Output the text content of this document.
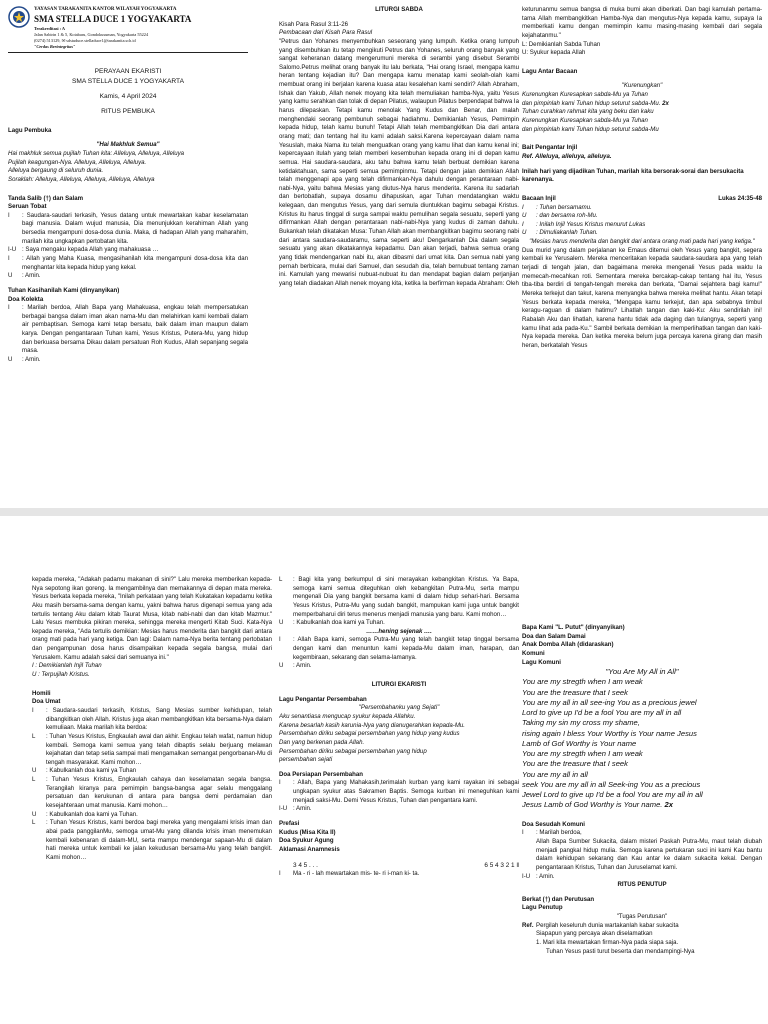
YAYASAN TARAKANITA KANTOR WILAYAH YOGYAKARTA
SMA STELLA DUCE 1 YOGYAKARTA
Terakreditasi : A
Jalan Sabirin 1 & 5, Kotabaru, Gondokusuman, Yogyakarta 55224
(0274) 513129, ✉ sdstuduce.stelladuce1@tarakanita.sch.id
"Cerdas Berintegritas"

PERAYAAN EKARISTI

SMA STELLA DUCE 1 YOGYAKARTA

Kamis, 4 April 2024

RITUS PEMBUKA

Lagu Pembuka

"Hai Makhluk Semua"

Hai makhluk semua pujilah Tuhan kita: Alleluya, Alleluya, Alleluya

Pujilah keagungan-Nya. Alleluya, Alleluya, Alleluya.

Alleluya bergaung di seluruh dunia.

Soraklah: Alleluya, Alleluya, Alleluya, Alleluya, Alleluya

Tanda Salib (†) dan Salam

Seruan Tobat

I	: Saudara-saudari terkasih, Yesus datang untuk mewartakan kabar keselamatan bagi manusia. Dalam wujud manusia, Dia menunjukkan kerahiman Allah yang bersedia mengampuni dosa-dosa dunia. Maka, di hadapan Allah yang maharahim, marilah kita ungkapkan pertobatan kita.
I-U : Saya mengaku kepada Allah yang mahakuasa …
I	: Allah yang Maha Kuasa, mengasihanilah kita mengampuni dosa-dosa kita dan menghantar kita kepada hidup yang kekal.
U	: Amin.

Tuhan Kasihanilah Kami (dinyanyikan)

Doa Kolekta

I	: Marilah berdoa, Allah Bapa yang Mahakuasa, engkau telah mempersatukan berbagai bangsa dalam iman akan nama-Mu dan melahirkan kami kembali dalam air pembaptisan. Semoga kami tetap bersatu, baik dalam iman maupun dalam karya. Dengan pengantaraan Tuhan kami, Yesus Kristus, Putera-Mu, yang hidup dan berkuasa bersama Dikau dalam persatuan Roh Kudus, Allah sepanjang segala masa.
U	: Amin.

LITURGI SABDA

Kisah Para Rasul 3:11-26

Pembacaan dari Kisah Para Rasul

"Petrus dan Yohanes menyembuhkan seseorang yang lumpuh. Ketika orang lumpuh yang disembuhkan itu tetap mengikuti Petrus dan Yohanes, seluruh orang banyak yang sangat keheranan datang mengerumuni mereka di serambi yang disebut Serambi Salomo.Petrus melihat orang banyak itu lalu berkata, "Hai orang Israel, mengapa kamu heran tentang kejadian itu? Dan mengapa kamu menatap kami seolah-olah kami membuat orang ini berjalan karena kuasa atau kesalehan kami sendiri? Allah Abraham, Ishak dan Yakub, Allah nenek moyang kita telah memuliakan hamba-Nya, yaitu Yesus yang kamu serahkan dan tolak di depan Pilatus, walaupun Pilatus berpendapat bahwa Ia harus dilepaskan. Tetapi kamu menolak Yang Kudus dan Benar, dan malah menghendaki seorang pembunuh sebagai hadiahmu. Demikianlah Yesus, Pemimpin kepada hidup, telah kamu bunuh! Tetapi Allah telah membangkitkan Dia dari antara orang mati; dan tentang hal itu kami adalah saksi.Karena kepercayaan dalam nama Yesuslah, maka Nama itu telah menguatkan orang yang kamu lihat dan kamu kenal ini; kepercayaan itulah yang telah memberi kesembuhan kepada orang ini di depan kamu semua. Hai saudara-saudara, aku tahu bahwa kamu telah berbuat demikian karena ketidaktahuan, sama seperti semua pemimpinmu. Tetapi dengan jalan demikian Allah telah menggenapi apa yang telah difirmankan-Nya dahulu dengan perantaraan nabi-nabi-Nya, yaitu bahwa Mesias yang diutus-Nya harus menderita. Karena itu sadarlah dan bertobatlah, supaya dosamu dihapuskan, agar Tuhan mendatangkan waktu kelegaan, dan mengutus Yesus, yang dari semula diuntukkan bagimu sebagai Kristus. Kristus itu harus tinggal di surga sampai waktu pemulihan segala sesuatu, seperti yang difirmankan Allah dengan perantaraan nabi-nabi-Nya yang kudus di zaman dahulu. Bukankah telah dikatakan Musa: Tuhan Allah akan membangkitkan bagimu seorang nabi dari antara saudara-saudaramu, sama seperti aku! Dengarkanlah Dia dalam segala sesuatu yang akan dikatakannya kepadamu. Dan akan terjadi, bahwa semua orang yang tidak mendengarkan nabi itu, akan dibasmi dari umat kita. Dan semua nabi yang pernah berbicara, mulai dari Samuel, dan sesudah dia, telah bernubuat tentang zaman ini. Kamulah yang mewarisi nubuat-nubuat itu dan mendapat bagian dalam perjanjian yang telah diadakan Allah nenek moyang kita, ketika Ia berfirman kepada Abraham: Oleh

keturunanmu semua bangsa di muka bumi akan diberkati. Dan bagi kamulah pertama-tama Allah membangkitkan Hamba-Nya dan mengutus-Nya kepada kamu, supaya Ia memberkati kamu dengan memimpin kamu masing-masing kembali dari segala kejahatanmu."

L: Demikianlah Sabda Tuhan

U: Syukur kepada Allah

Lagu Antar Bacaan

"Kurenungkan"

Kurenungkan Kuresapkan sabda-Mu ya Tuhan

dan pimpinlah kami Tuhan hidup seturut sabda-Mu. 2x

Tuhan curahkan rahmat kita yang beku dan kaku

Kurenungkan Kuresapkan sabda-Mu ya Tuhan

dan pimpinlah kami Tuhan hidup seturut sabda-Mu

Bait Pengantar Injil

Ref. Alleluya, alleluya, alleluya.

Inilah hari yang dijadikan Tuhan, marilah kita bersorak-sorai dan bersukacita karenanya.

Bacaan Injil	Lukas 24:35-48
I	: Tuhan bersamamu.
U	: dan bersama roh-Mu.
I	: Inilah Injil Yesus Kristus menurut Lukas
U	: Dimuliakanlah Tuhan.

"Mesias harus menderita dan bangkit dari antara orang mati pada hari yang ketiga."

Dua murid yang dalam perjalanan ke Emaus ditemui oleh Yesus yang bangkit, segera kembali ke Yerusalem. Mereka menceritakan kepada saudara-saudara apa yang telah terjadi di tengah jalan, dan bagaimana mereka mengenali Yesus pada waktu Ia memecah-mecahkan roti. Sementara mereka bercakap-cakap tentang hal itu, Yesus tiba-tiba berdiri di tengah-tengah mereka dan berkata, "Damai sejahtera bagi kamu!" Mereka terkejut dan takut, karena menyangka bahwa mereka melihat hantu. Akan tetapi Yesus berkata kepada mereka, "Mengapa kamu terkejut, dan apa sebabnya timbul keragu-raguan di dalam hatimu? Lihatlah tangan dan kaki-Ku: Aku sendirilah ini! Rabalah Aku dan lihatlah, karena hantu tidak ada daging dan tulangnya, seperti yang kamu lihat ada pada-Ku." Sambil berkata demikian Ia memperlihatkan tangan dan kaki-Nya kepada mereka. Dan ketika mereka belum juga percaya karena girang dan masih heran, berkatalah Yesus

kepada mereka, "Adakah padamu makanan di sini?" Lalu mereka memberikan kepada-Nya sepotong ikan goreng. Ia mengambilnya dan memakannya di depan mata mereka. Yesus berkata kepada mereka, "Inilah perkataan yang telah Kukatakan kepadamu ketika Aku masih bersama-sama dengan kamu, yakni bahwa harus digenapi semua yang ada tertulis tentang Aku dalam kitab Taurat Musa, kitab nabi-nabi dan dan kitab Mazmur." Lalu Yesus membuka pikiran mereka, sehingga mereka mengerti Kitab Suci. Kata-Nya kepada mereka, "Ada tertulis demikian: Mesias harus menderita dan bangkit dari antara orang mati pada hari yang ketiga. Dan lagi: Dalam nama-Nya berita tentang pertobatan dan pengampunan dosa harus disampaikan kepada segala bangsa, mulai dari Yerusalem. Kamu adalah saksi dari semuanya ini."

I : Demikianlah Injil Tuhan

U : Terpujilah Kristus.

Homili

Doa Umat

I	: Saudara-saudari terkasih, Kristus, Sang Mesias sumber kehidupan, telah dibangkitkan oleh Allah. Kristus juga akan membangkitkan kita bersama-Nya dalam kemuliaan. Maka marilah kita berdoa:
L	: Tuhan Yesus Kristus, Engkaulah awal dan akhir. Engkau telah wafat, namun hidup kembali. Semoga kami semua yang telah dibaptis selalu berjuang melawan kejahatan dan tetap setia sampai mati mengamalkan semangat pengorbanan-Mu di tengah masyarakat. Kami mohon…
U	: Kabulkanlah doa kami ya Tuhan
L	: Tuhan Yesus Kristus, Engkaulah cahaya dan keselamatan segala bangsa. Terangilah kiranya para pemimpin bangsa-bangsa agar selalu menggalang persatuan dan kerukunan di antara para bangsa demi perdamaian dan kesejahteraan umat manusia. Kami mohon…
U	: Kabulkanlah doa kami ya Tuhan.
L	: Tuhan Yesus Kristus, kami berdoa bagi mereka yang mengalami krisis iman dan abai pada panggilanMu, semoga umat-Mu yang dilanda krisis iman menemukan kembali kebenaran di dalam-MU, serta mampu mendengar sapaan-Mu di dalam hati mereka untuk kembali ke jalan kekudusan bersama-Mu yang telah bangkit. Kami mohon…
L	: Bagi kita yang berkumpul di sini merayakan kebangkitan Kristus. Ya Bapa, semoga kami semua diteguhkan oleh kebangkitan Putra-Mu, serta mampu mengenali Dia yang bangkit bersama kami di dalam hidup sehari-hari. Bersama Yesus Kristus, Putra-Mu yang sudah bangkit, mampukan kami juga untuk bangkit memperbaharui diri terus menerus menjadi manusia yang baru. Kami mohon…
U	: Kabulkanlah doa kami ya Tuhan.

……hening sejenak ….

I	: Allah Bapa kami, semoga Putra-Mu yang telah bangkit tetap tinggal bersama dengan kami dan menuntun kami kepada-Mu dalam iman, harapan, dan kegembiraan, sekarang dan selama-lamanya.
U	: Amin.

LITURGI EKARISTI

Lagu Pengantar Persembahan

"Persembahanku yang Sejati"

Aku senantiasa mengucap syukur kepada Allahku.

Karena besarlah kasih karunia-Nya yang dianugerahkan kepada-Mu.

Persembahan diriku sebagai persembahan yang hidup yang kudus

Dan yang berkenan pada Allah.

Persembahan diriku sebagai persembahan yang hidup

persembahan sejati

Doa Persiapan Persembahan

I	: Allah, Bapa yang Mahakasih,terimalah kurban yang kami rayakan ini sebagai ungkapan syukur atas Sakramen Baptis. Semoga kurban ini meneguhkan kami menjadi saksi-Mu. Demi Yesus Kristus, Tuhan dan pengantara kami.
I-U : Amin.

Prefasi

Kudus (Misa Kita II)

Doa Syukur Agung

Aklamasi Anamnesis

3 4 5 . . .	6 5 4 3 2 1 ‖
I	Ma - ri - lah mewartakan mis- te- ri i-man ki- ta.

Bapa Kami "L. Putut" (dinyanyikan)

Doa dan Salam Damai

Anak Domba Allah (didaraskan)

Komuni

Lagu Komuni

"You Are My All in All"

You are my stregth when I am weak

You are the treasure that I seek

You are my all in all see-ing You as a precious jewel

Lord to give up I'd be a fool You are my all in all

Taking my sin my cross my shame,

rising again I bless Your Worthy is Your name Jesus

Lamb of Gof Worthy is Your name

You are my stregth when I am weak

You are the treasure that I seek

You are my all in all

seek You are my all in all Seek-ing You as a precious

Jewel Lord to give up I'd be a fool You are my all in all

Jesus Lamb of God Worthy is Your name. 2x

Doa Sesudah Komuni

I	: Marilah berdoa,
Allah Bapa Sumber Sukacita, dalam misteri Paskah Putra-Mu, maut telah diubah menjadi pangkal hidup mulia. Semoga karena pertukaran suci ini kami Kau bantu dalam kehidupan sekarang dan Kau antar ke dalam sukacita kekal. Dengan pengantaraan Kristus, Tuhan dan Juruselamat kami.
I-U : Amin.

RITUS PENUTUP

Berkat (†) dan Perutusan

Lagu Penutup

"Tugas Perutusan"

Ref. Pergilah keseluruh dunia wartakanlah kabar sukacita

Siapapun yang percaya akan diselamatkan

1. Mari kita mewartakan firman-Nya pada siapa saja.

Tuhan Yesus pasti turut beserta dan mendampingi-Nya
